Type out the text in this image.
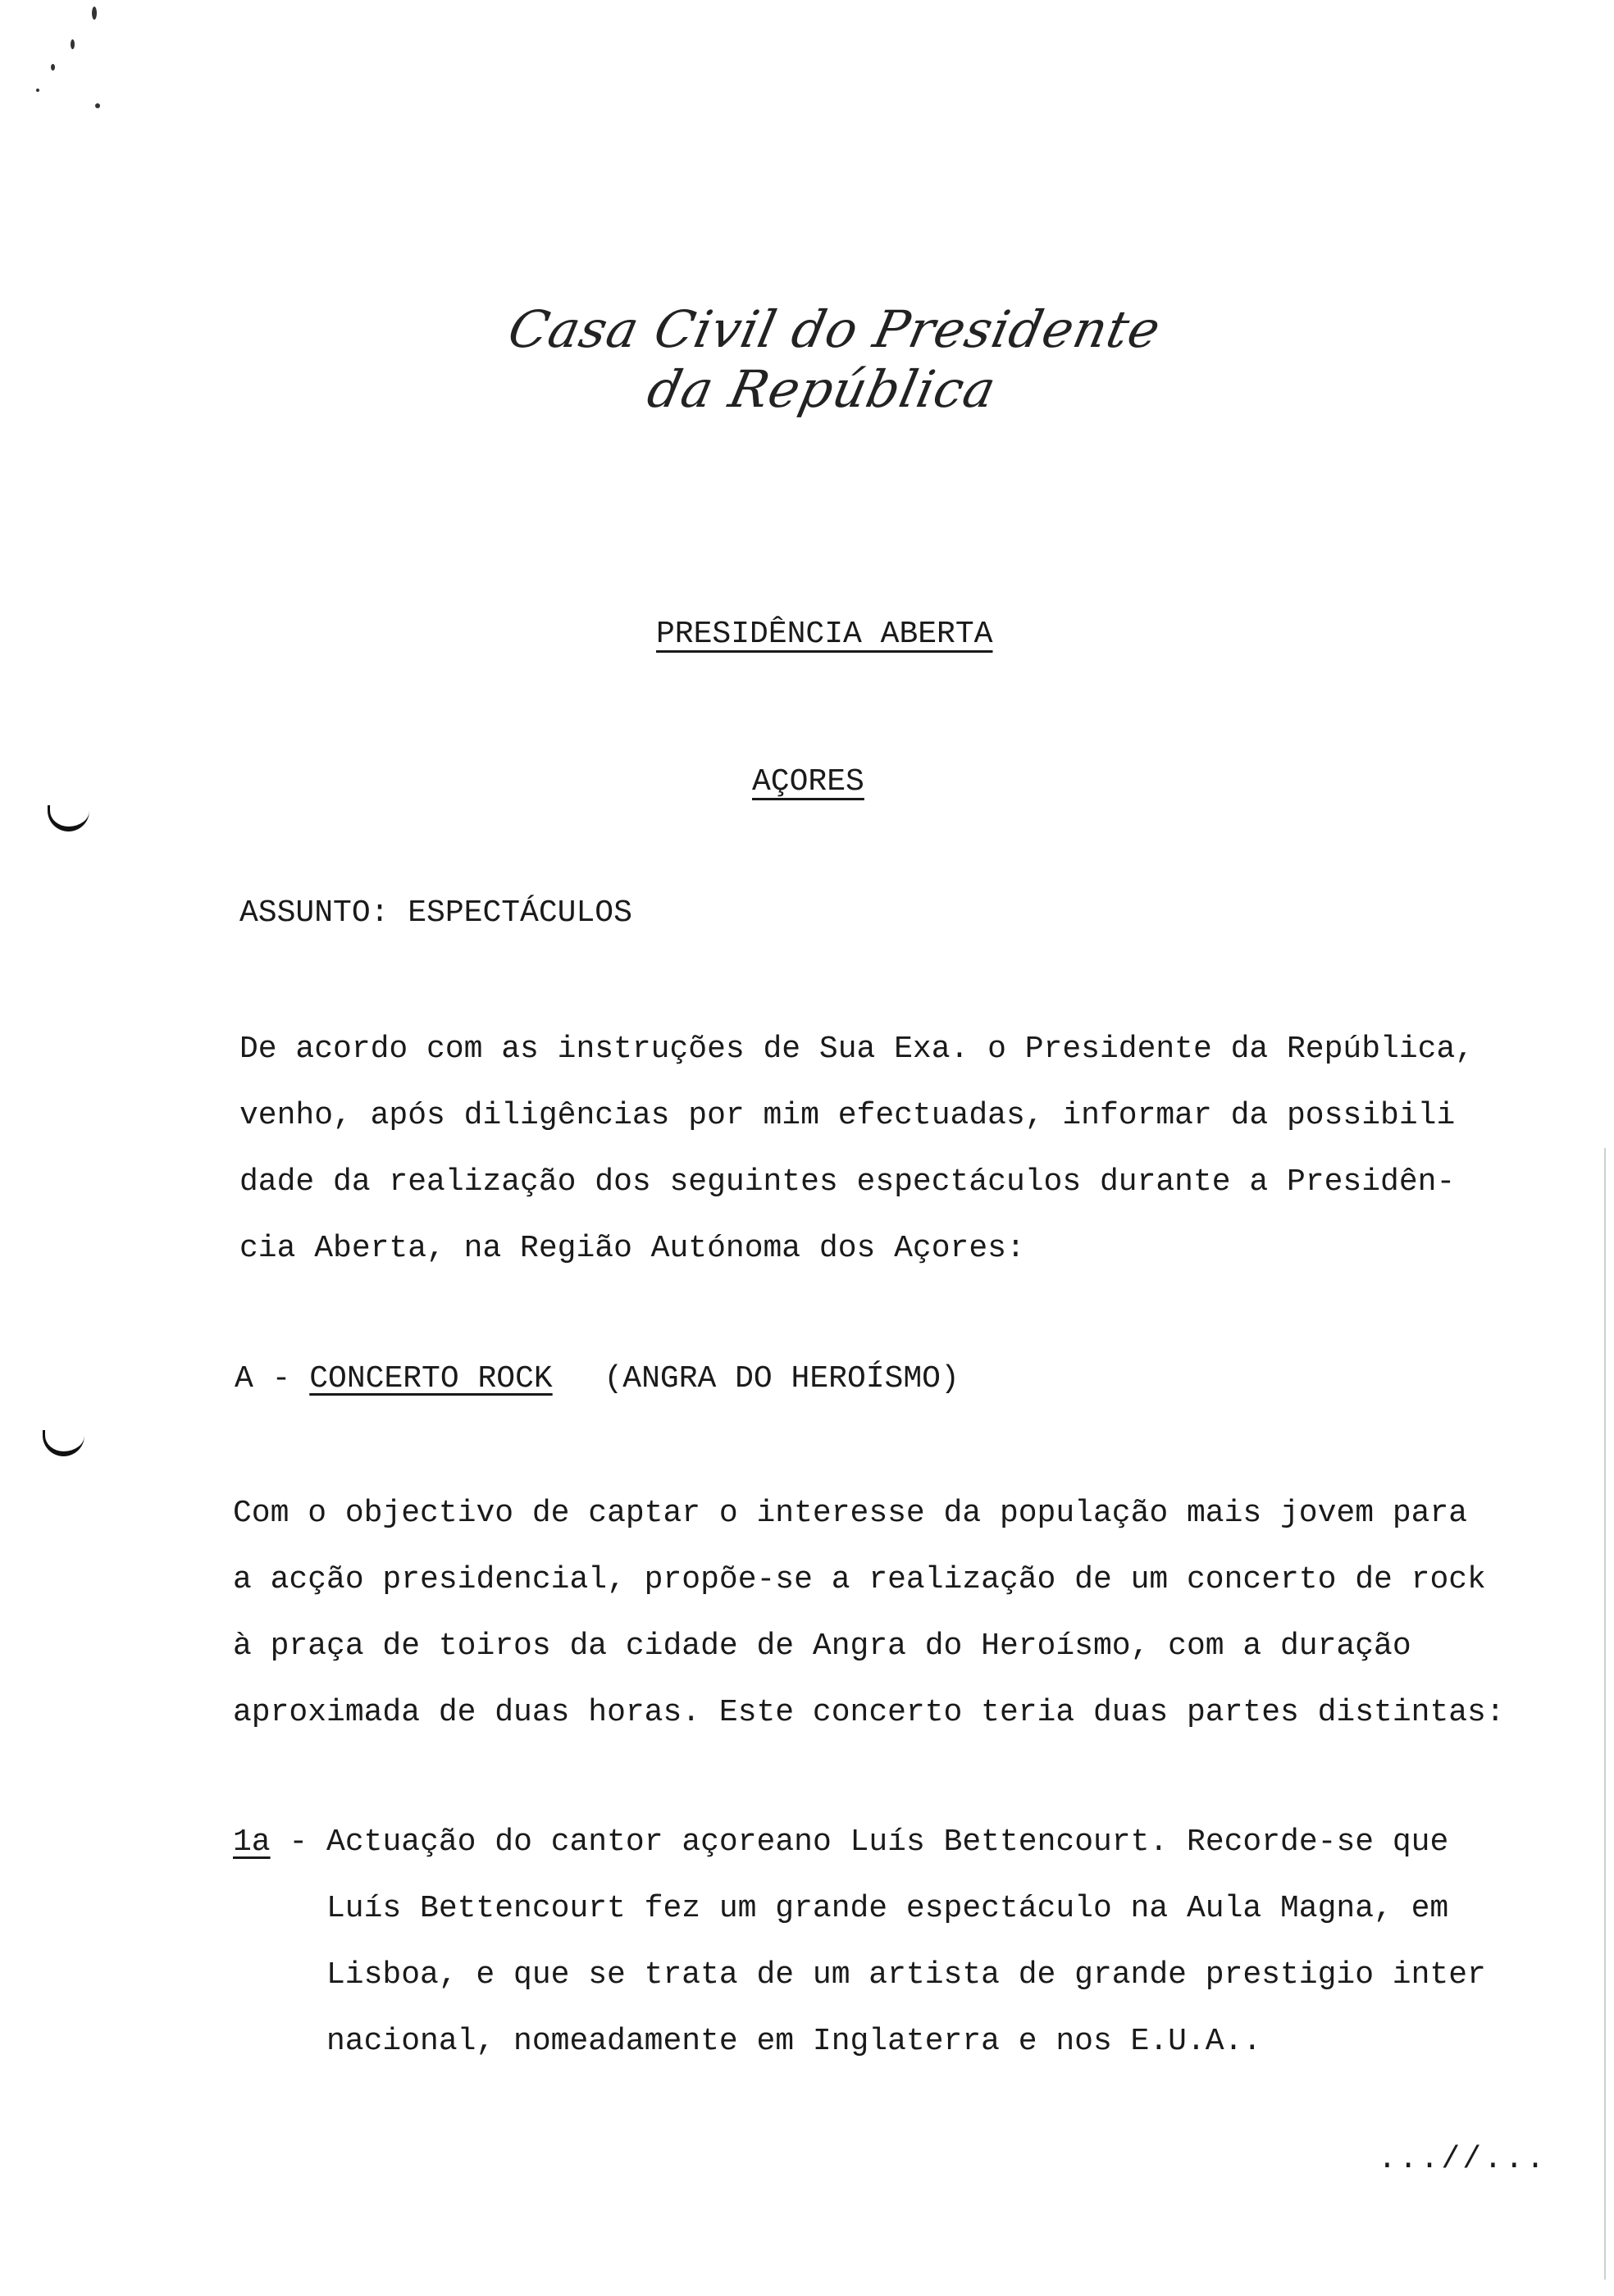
Casa Civil do Presidente da República
PRESIDÊNCIA ABERTA
AÇORES
ASSUNTO: ESPECTÁCULOS
De acordo com as instruções de Sua Exa. o Presidente da República,
venho, após diligências por mim efectuadas, informar da possibili
dade da realização dos seguintes espectáculos durante a Presidên-
cia Aberta, na Região Autónoma dos Açores:
A - CONCERTO ROCK (ANGRA DO HEROÍSMO)
Com o objectivo de captar o interesse da população mais jovem para
a acção presidencial, propõe-se a realização de um concerto de rock
à praça de toiros da cidade de Angra do Heroísmo, com a duração
aproximada de duas horas. Este concerto teria duas partes distintas:
1a - Actuação do cantor açoreano Luís Bettencourt. Recorde-se que
Luís Bettencourt fez um grande espectáculo na Aula Magna, em
Lisboa, e que se trata de um artista de grande prestigio inter
nacional, nomeadamente em Inglaterra e nos E.U.A..
...//...
